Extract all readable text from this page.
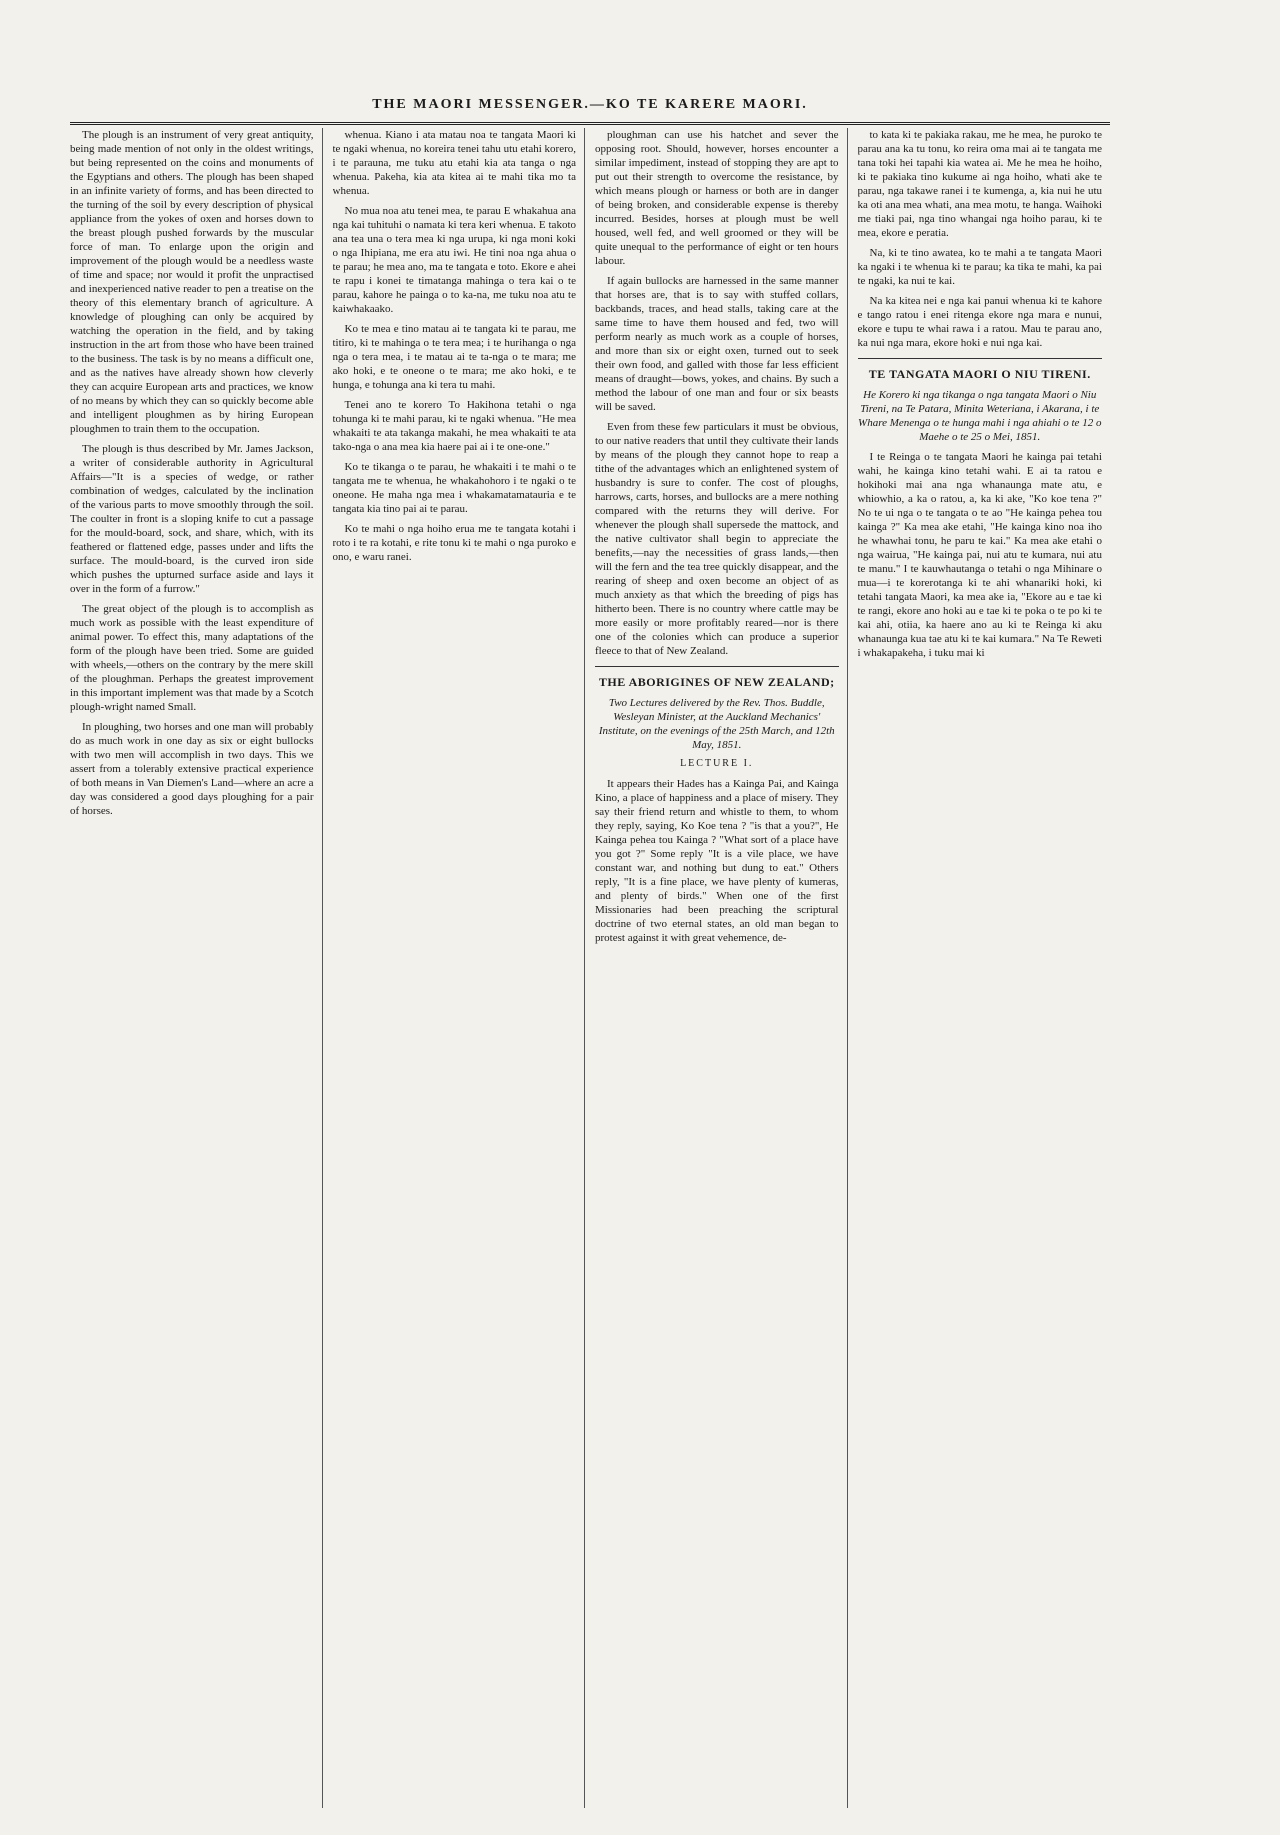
THE MAORI MESSENGER.—KO TE KARERE MAORI.

The plough is an instrument of very great antiquity, being made mention of not only in the oldest writings, but being represented on the coins and monuments of the Egyptians and others. The plough has been shaped in an infinite variety of forms, and has been directed to the turning of the soil by every description of physical appliance from the yokes of oxen and horses down to the breast plough pushed forwards by the muscular force of man. To enlarge upon the origin and improvement of the plough would be a needless waste of time and space; nor would it profit the unpractised and inexperienced native reader to pen a treatise on the theory of this elementary branch of agriculture. A knowledge of ploughing can only be acquired by watching the operation in the field, and by taking instruction in the art from those who have been trained to the business. The task is by no means a difficult one, and as the natives have already shown how cleverly they can acquire European arts and practices, we know of no means by which they can so quickly become able and intelligent ploughmen as by hiring European ploughmen to train them to the occupation.

The plough is thus described by Mr. James Jackson, a writer of considerable authority in Agricultural Affairs—"It is a species of wedge, or rather combination of wedges, calculated by the inclination of the various parts to move smoothly through the soil. The coulter in front is a sloping knife to cut a passage for the mould-board, sock, and share, which, with its feathered or flattened edge, passes under and lifts the surface. The mould-board, is the curved iron side which pushes the upturned surface aside and lays it over in the form of a furrow."

The great object of the plough is to accomplish as much work as possible with the least expenditure of animal power. To effect this, many adaptations of the form of the plough have been tried. Some are guided with wheels,—others on the contrary by the mere skill of the ploughman. Perhaps the greatest improvement in this important implement was that made by a Scotch plough-wright named Small.

In ploughing, two horses and one man will probably do as much work in one day as six or eight bullocks with two men will accomplish in two days. This we assert from a tolerably extensive practical experience of both means in Van Diemen's Land—where an acre a day was considered a good days ploughing for a pair of horses.

whenua. Kiano i ata matau noa te tangata Maori ki te ngaki whenua, no koreira tenei tahu utu etahi korero, i te parauna, me tuku atu etahi kia ata tanga o nga whenua. Pakeha, kia ata kitea ai te mahi tika mo ta whenua.

No mua noa atu tenei mea, te parau E whakahua ana nga kai tuhituhi o namata ki tera keri whenua. E takoto ana tea una o tera mea ki nga urupa, ki nga moni koki o nga Ihipiana, me era atu iwi. He tini noa nga ahua o te parau; he mea ano, ma te tangata e toto. Ekore e ahei te rapu i konei te timatanga mahinga o tera kai o te parau, kahore he painga o to ka-na, me tuku noa atu te kaiwhakaako.

Ko te mea e tino matau ai te tangata ki te parau, me titiro, ki te mahinga o te tera mea; i te hurihanga o nga nga o tera mea, i te matau ai te ta-nga o te mara; me ako hoki, e te oneone o te mara; me ako hoki, e te hunga, e tohunga ana ki tera tu mahi.

Tenei ano te korero To Hakihona tetahi o nga tohunga ki te mahi parau, ki te ngaki whenua. "He mea whakaiti te ata takanga makahi, he mea whakaiti te ata tako-nga o ana mea kia haere pai ai i te one-one."

Ko te tikanga o te parau, he whakaiti i te mahi o te tangata me te whenua, he whakahohoro i te ngaki o te oneone. He maha nga mea i whakamatamatauria e te tangata kia tino pai ai te parau.

Ko te mahi o nga hoiho erua me te tangata kotahi i roto i te ra kotahi, e rite tonu ki te mahi o nga puroko e ono, e waru ranei.

ploughman can use his hatchet and sever the opposing root. Should, however, horses encounter a similar impediment, instead of stopping they are apt to put out their strength to overcome the resistance, by which means plough or harness or both are in danger of being broken, and considerable expense is thereby incurred. Besides, horses at plough must be well housed, well fed, and well groomed or they will be quite unequal to the performance of eight or ten hours labour.

If again bullocks are harnessed in the same manner that horses are, that is to say with stuffed collars, backbands, traces, and head stalls, taking care at the same time to have them housed and fed, two will perform nearly as much work as a couple of horses, and more than six or eight oxen, turned out to seek their own food, and galled with those far less efficient means of draught—bows, yokes, and chains. By such a method the labour of one man and four or six beasts will be saved.

Even from these few particulars it must be obvious, to our native readers that until they cultivate their lands by means of the plough they cannot hope to reap a tithe of the advantages which an enlightened system of husbandry is sure to confer. The cost of ploughs, harrows, carts, horses, and bullocks are a mere nothing compared with the returns they will derive. For whenever the plough shall supersede the mattock, and the native cultivator shall begin to appreciate the benefits,—nay the necessities of grass lands,—then will the fern and the tea tree quickly disappear, and the rearing of sheep and oxen become an object of as much anxiety as that which the breeding of pigs has hitherto been. There is no country where cattle may be more easily or more profitably reared—nor is there one of the colonies which can produce a superior fleece to that of New Zealand.

THE ABORIGINES OF NEW ZEALAND;
Two Lectures delivered by the Rev. Thos. Buddle, Wesleyan Minister, at the Auckland Mechanics' Institute, on the evenings of the 25th March, and 12th May, 1851.
LECTURE I.

It appears their Hades has a Kainga Pai, and Kainga Kino, a place of happiness and a place of misery. They say their friend return and whistle to them, to whom they reply, saying, Ko Koe tena ? "is that a you?", He Kainga pehea tou Kainga ? "What sort of a place have you got ?" Some reply "It is a vile place, we have constant war, and nothing but dung to eat." Others reply, "It is a fine place, we have plenty of kumeras, and plenty of birds." When one of the first Missionaries had been preaching the scriptural doctrine of two eternal states, an old man began to protest against it with great vehemence, de-

to kata ki te pakiaka rakau, me he mea, he puroko te parau ana ka tu tonu, ko reira oma mai ai te tangata me tana toki hei tapahi kia watea ai. Me he mea he hoiho, ki te pakiaka tino kukume ai nga hoiho, whati ake te parau, nga takawe ranei i te kumenga, a, kia nui he utu ka oti ana mea whati, ana mea motu, te hanga. Waihoki me tiaki pai, nga tino whangai nga hoiho parau, ki te mea, ekore e peratia.

Na, ki te tino awatea, ko te mahi a te tangata Maori ka ngaki i te whenua ki te parau; ka tika te mahi, ka pai te ngaki, ka nui te kai.

Na ka kitea nei e nga kai panui whenua ki te kahore e tango ratou i enei ritenga ekore nga mara e nunui, ekore e tupu te whai rawa i a ratou. Mau te parau ano, ka nui nga mara, ekore hoki e nui nga kai.

TE TANGATA MAORI O NIU TIRENI.
He Korero ki nga tikanga o nga tangata Maori o Niu Tireni, na Te Patara, Minita Weteriana, i Akarana, i te Whare Menenga o te hunga mahi i nga ahiahi o te 12 o Maehe o te 25 o Mei, 1851.

I te Reinga o te tangata Maori he kainga pai tetahi wahi, he kainga kino tetahi wahi. E ai ta ratou e hokihoki mai ana nga whanaunga mate atu, e whiowhio, a ka o ratou, a, ka ki ake, "Ko koe tena ?" No te ui nga o te tangata o te ao "He kainga pehea tou kainga ?" Ka mea ake etahi, "He kainga kino noa iho he whawhai tonu, he paru te kai." Ka mea ake etahi o nga wairua, "He kainga pai, nui atu te kumara, nui atu te manu." I te kauwhautanga o tetahi o nga Mihinare o mua—i te korerotanga ki te ahi whanariki hoki, ki tetahi tangata Maori, ka mea ake ia, "Ekore au e tae ki te rangi, ekore ano hoki au e tae ki te poka o te po ki te kai ahi, otiia, ka haere ano au ki te Reinga ki aku whanaunga kua tae atu ki te kai kumara." Na Te Reweti i whakapakeha, i tuku mai ki
